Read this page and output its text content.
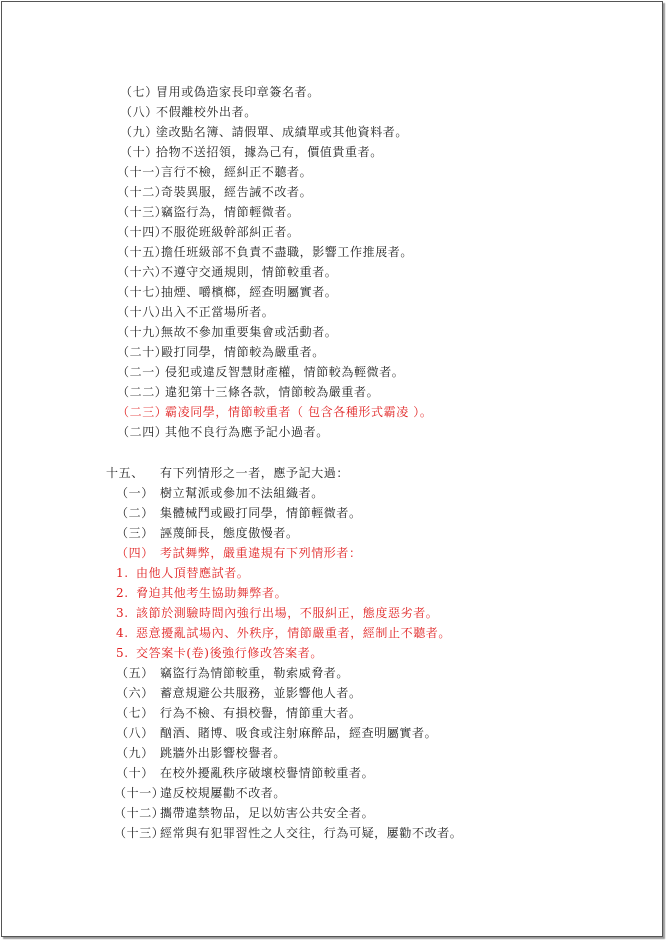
（七）冒用或偽造家長印章簽名者。
（八）不假離校外出者。
（九）塗改點名簿、請假單、成績單或其他資料者。
（十）拾物不送招領，據為己有，價值貴重者。
（十一）言行不檢，經糾正不聽者。
（十二）奇裝異服，經告誡不改者。
（十三）竊盜行為，情節輕微者。
（十四）不服從班級幹部糾正者。
（十五）擔任班級部不負責不盡職，影響工作推展者。
（十六）不遵守交通規則，情節較重者。
（十七）抽煙、嚼檳榔，經查明屬實者。
（十八）出入不正當場所者。
（十九）無故不參加重要集會或活動者。
（二十）毆打同學，情節較為嚴重者。
（二一）侵犯或違反智慧財產權，情節較為輕微者。
（二二）違犯第十三條各款，情節較為嚴重者。
（二三）霸凌同學，情節較重者（ 包含各種形式霸凌 ）。
（二四）其他不良行為應予記小過者。
十五、 有下列情形之一者，應予記大過：
（一） 樹立幫派或參加不法組織者。
（二） 集體械鬥或毆打同學，情節輕微者。
（三） 誣蔑師長，態度傲慢者。
（四） 考試舞弊，嚴重違規有下列情形者：
1. 由他人頂替應試者。
2. 脅迫其他考生協助舞弊者。
3. 該節於測驗時間內強行出場，不服糾正，態度惡劣者。
4. 惡意擾亂試場內、外秩序，情節嚴重者，經制止不聽者。
5. 交答案卡(卷)後強行修改答案者。
（五） 竊盜行為情節較重，勒索威脅者。
（六） 蓄意規避公共服務，並影響他人者。
（七） 行為不檢、有損校譽，情節重大者。
（八） 酗酒、賭博、吸食或注射麻醉品，經查明屬實者。
（九） 跳牆外出影響校譽者。
（十） 在校外擾亂秩序破壞校譽情節較重者。
（十一）違反校規屢勸不改者。
（十二）攜帶違禁物品，足以妨害公共安全者。
（十三）經常與有犯罪習性之人交往，行為可疑，屢勸不改者。
